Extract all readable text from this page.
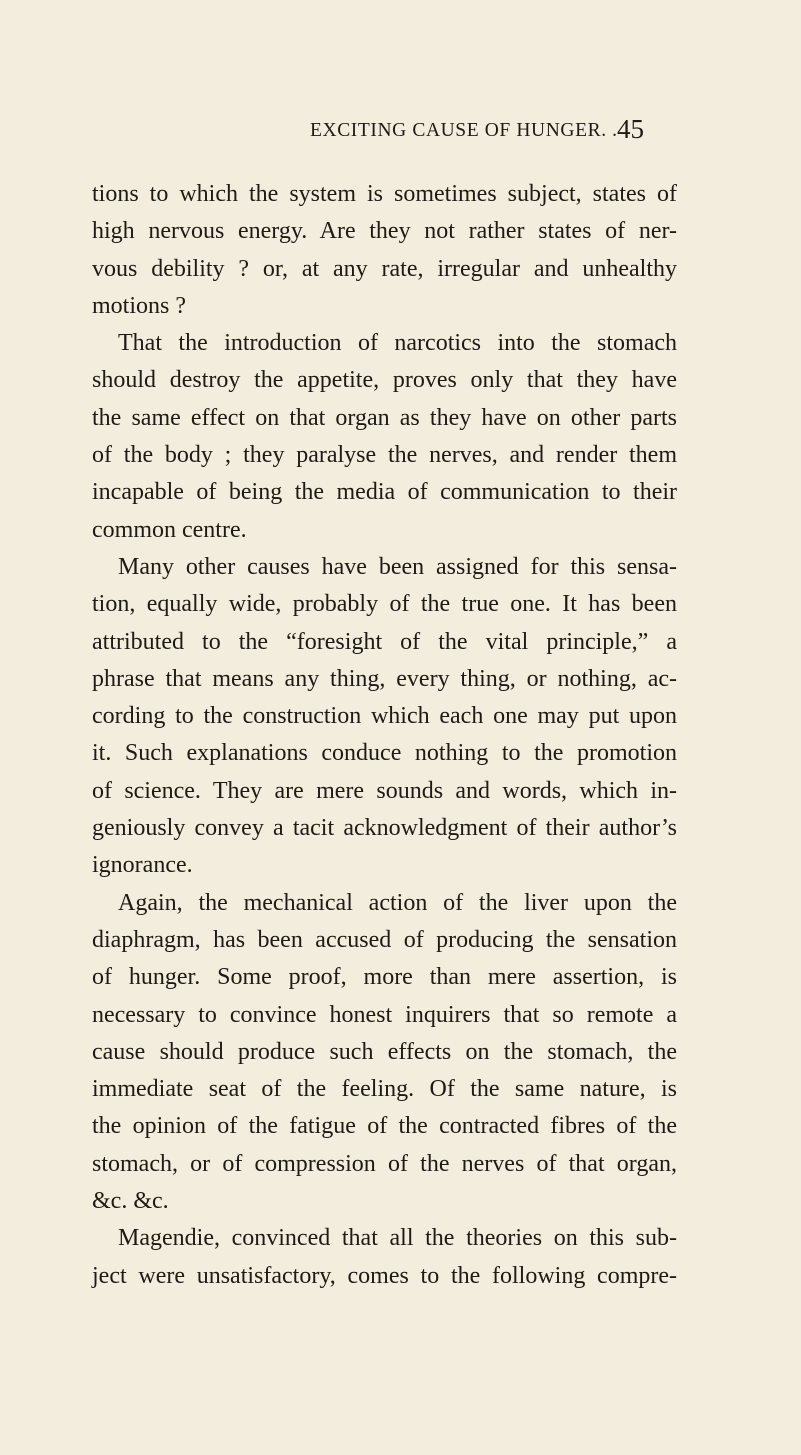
EXCITING CAUSE OF HUNGER. . 45
tions to which the system is sometimes subject, states of
high nervous energy. Are they not rather states of ner-
vous debility ? or, at any rate, irregular and unhealthy
motions ?
That the introduction of narcotics into the stomach
should destroy the appetite, proves only that they have
the same effect on that organ as they have on other parts
of the body ; they paralyse the nerves, and render them
incapable of being the media of communication to their
common centre.
Many other causes have been assigned for this sensa-
tion, equally wide, probably of the true one. It has been
attributed to the “foresight of the vital principle,” a
phrase that means any thing, every thing, or nothing, ac-
cording to the construction which each one may put upon
it. Such explanations conduce nothing to the promotion
of science. They are mere sounds and words, which in-
geniously convey a tacit acknowledgment of their author’s
ignorance.
Again, the mechanical action of the liver upon the
diaphragm, has been accused of producing the sensation
of hunger. Some proof, more than mere assertion, is
necessary to convince honest inquirers that so remote a
cause should produce such effects on the stomach, the
immediate seat of the feeling. Of the same nature, is
the opinion of the fatigue of the contracted fibres of the
stomach, or of compression of the nerves of that organ,
&c. &c.
Magendie, convinced that all the theories on this sub-
ject were unsatisfactory, comes to the following compre-
